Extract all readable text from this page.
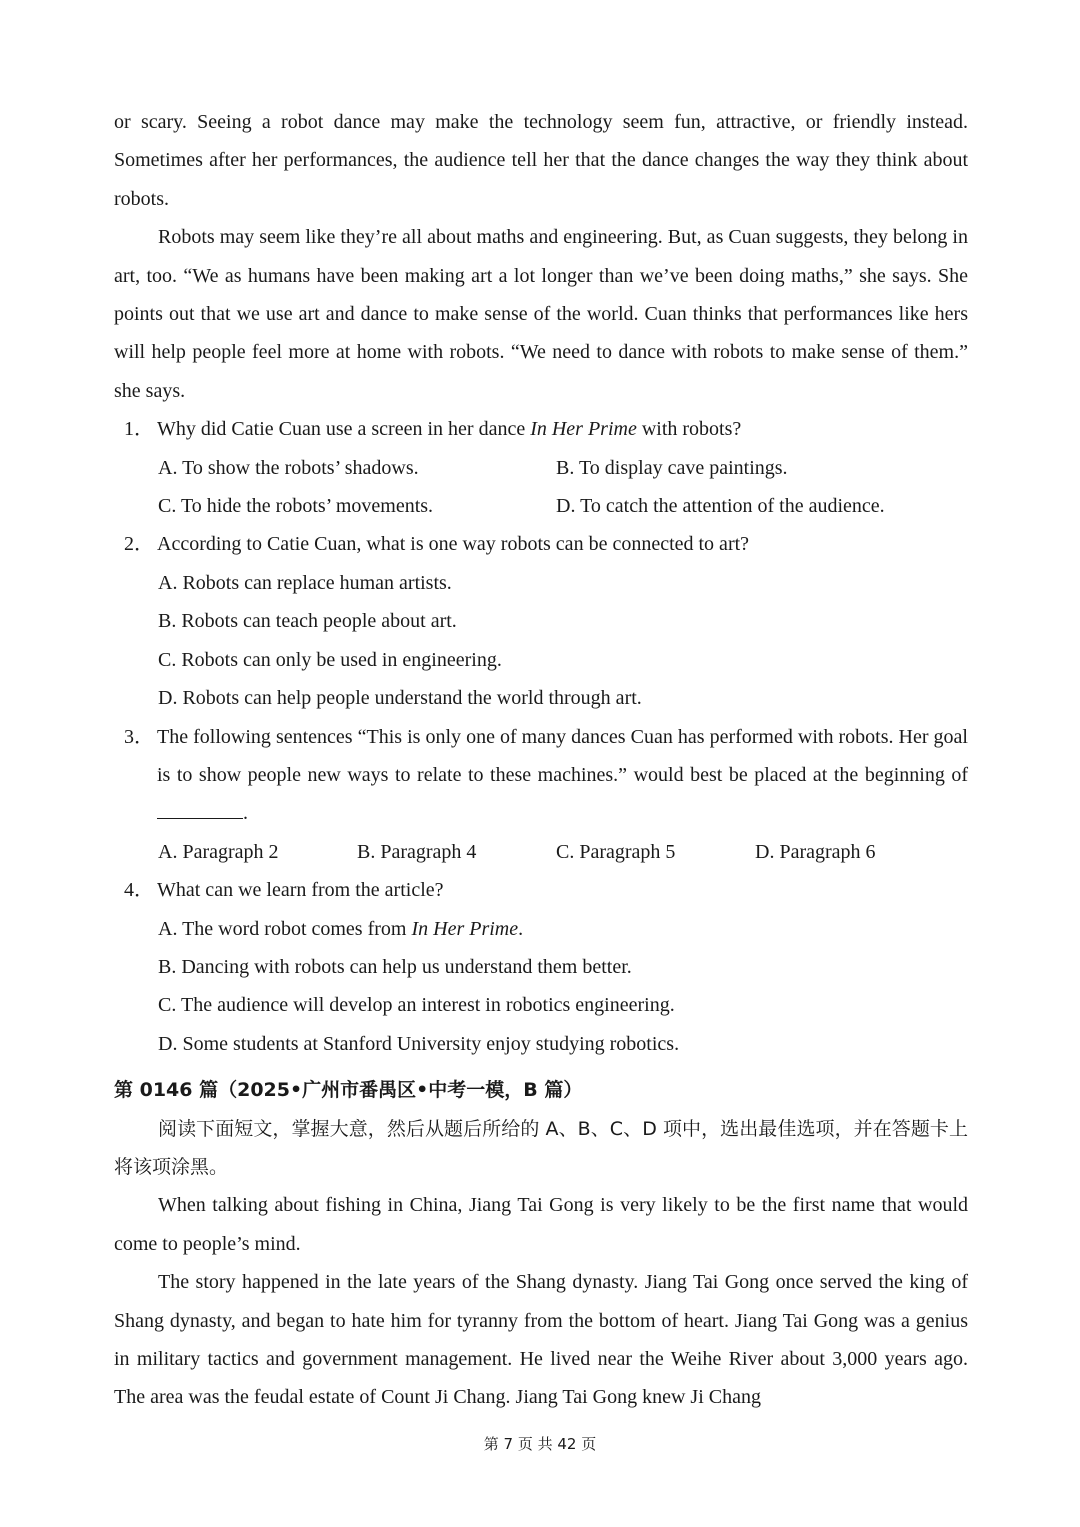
or scary. Seeing a robot dance may make the technology seem fun, attractive, or friendly instead. Sometimes after her performances, the audience tell her that the dance changes the way they think about robots.

Robots may seem like they’re all about maths and engineering. But, as Cuan suggests, they belong in art, too. “We as humans have been making art a lot longer than we’ve been doing maths,” she says. She points out that we use art and dance to make sense of the world. Cuan thinks that performances like hers will help people feel more at home with robots. “We need to dance with robots to make sense of them.” she says.

1． Why did Catie Cuan use a screen in her dance In Her Prime with robots?
A. To show the robots’ shadows.	B. To display cave paintings.
C. To hide the robots’ movements.	D. To catch the attention of the audience.
2． According to Catie Cuan, what is one way robots can be connected to art?
A. Robots can replace human artists.
B. Robots can teach people about art.
C. Robots can only be used in engineering.
D. Robots can help people understand the world through art.
3． The following sentences “This is only one of many dances Cuan has performed with robots. Her goal is to show people new ways to relate to these machines.” would best be placed at the beginning of .
A. Paragraph 2	B. Paragraph 4	C. Paragraph 5	D. Paragraph 6
4． What can we learn from the article?
A. The word robot comes from In Her Prime.
B. Dancing with robots can help us understand them better.
C. The audience will develop an interest in robotics engineering.
D. Some students at Stanford University enjoy studying robotics.
第 0146 篇（2025•广州市番禺区•中考一模，B 篇）

阅读下面短文，掌握大意，然后从题后所给的 A、B、C、D 项中，选出最佳选项，并在答题卡上将该项涂黑。

When talking about fishing in China, Jiang Tai Gong is very likely to be the first name that would come to people’s mind.

The story happened in the late years of the Shang dynasty. Jiang Tai Gong once served the king of Shang dynasty, and began to hate him for tyranny from the bottom of heart. Jiang Tai Gong was a genius in military tactics and government management. He lived near the Weihe River about 3,000 years ago. The area was the feudal estate of Count Ji Chang. Jiang Tai Gong knew Ji Chang

第 7 页 共 42 页
